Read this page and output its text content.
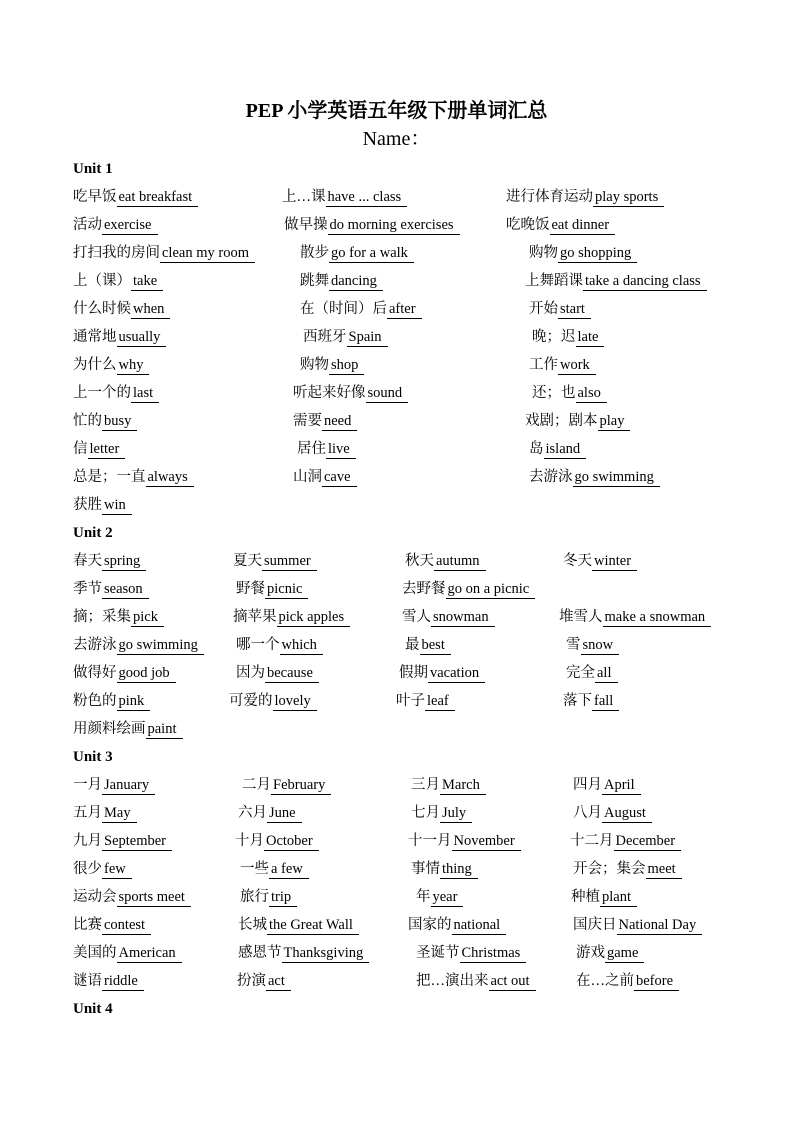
PEP 小学英语五年级下册单词汇总
Name：
Unit 1
吃早饭 eat breakfast	上…课 have ... class	进行体育运动 play sports
活动 exercise	做早操 do morning exercises	吃晚饭 eat dinner
打扫我的房间 clean my room	散步 go for a walk	购物 go shopping
上（课） take	跳舞 dancing	上舞蹈课 take a dancing class
什么时候 when	在（时间）后 after	开始 start
通常地 usually	西班牙 Spain	晚；迟 late
为什么 why	购物 shop	工作 work
上一个的 last	听起来好像 sound	还；也 also
忙的 busy	需要 need	戏剧；剧本 play
信 letter	居住 live	岛 island
总是；一直 always	山洞 cave	去游泳 go swimming
获胜 win
Unit 2
春天 spring	夏天 summer	秋天 autumn	冬天 winter
季节 season	野餐 picnic	去野餐 go on a picnic
摘；采集 pick	摘苹果 pick apples	雪人 snowman	堆雪人 make a snowman
去游泳 go swimming	哪一个 which	最 best	雪 snow
做得好 good job	因为 because	假期 vacation	完全 all
粉色的 pink	可爱的 lovely	叶子 leaf	落下 fall
用颜料绘画 paint
Unit 3
一月 January	二月 February	三月 March	四月 April
五月 May	六月 June	七月 July	八月 August
九月 September	十月 October	十一月 November	十二月 December
很少 few	一些 a few	事情 thing	开会；集会 meet
运动会 sports meet	旅行 trip	年 year	种植 plant
比赛 contest	长城 the Great Wall	国家的 national	国庆日 National Day
美国的 American	感恩节 Thanksgiving	圣诞节 Christmas	游戏 game
谜语 riddle	扮演 act	把…演出来 act out	在…之前 before
Unit 4
